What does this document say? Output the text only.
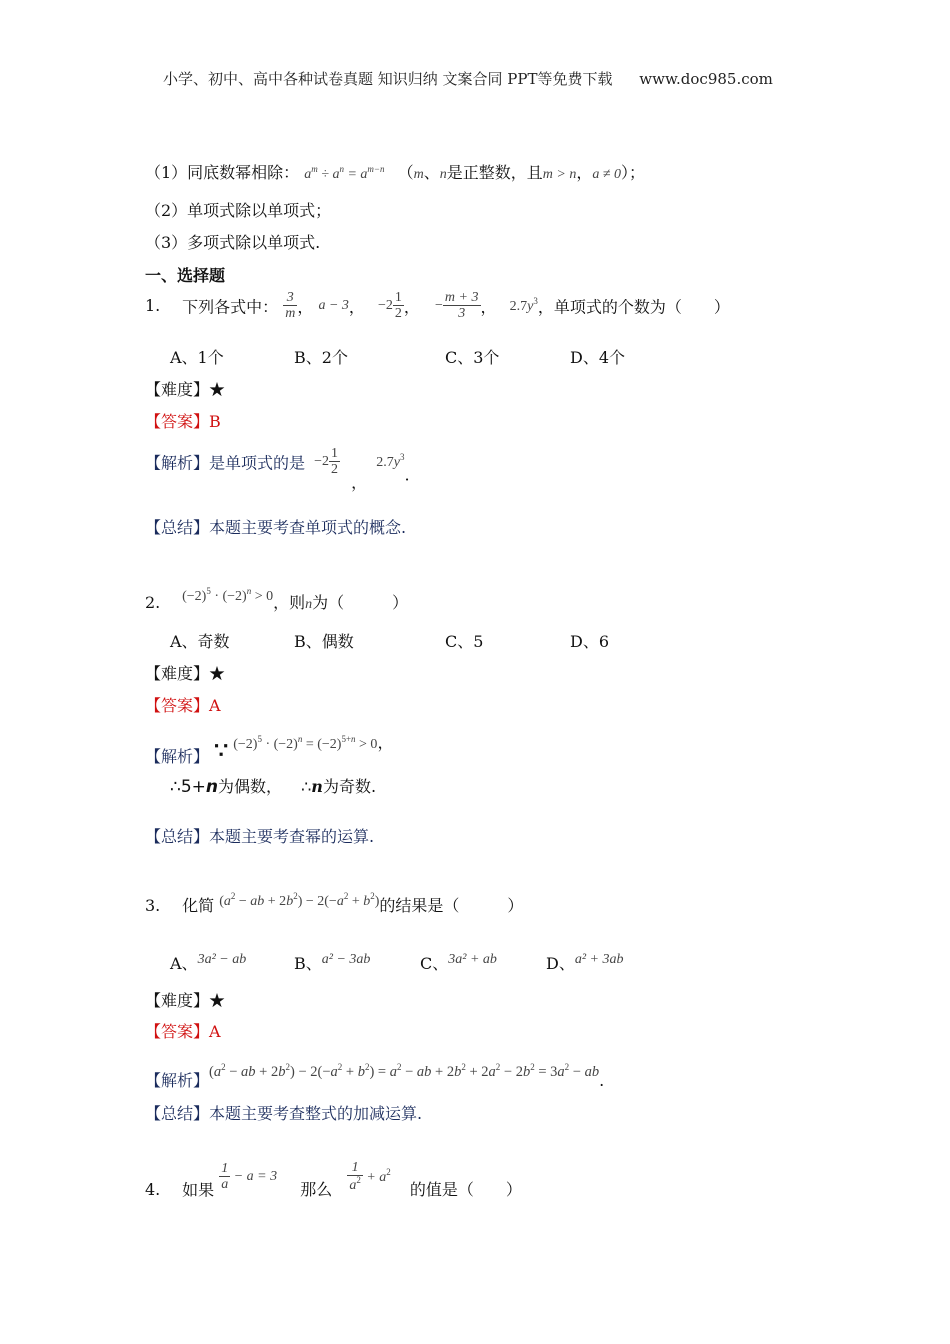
小学、初中、高中各种试卷真题 知识归纳 文案合同 PPT等免费下载 www.doc985.com
（1）同底数幂相除： $a^m \div a^n = a^{m-n}$ （m、n是正整数，且m > n，a ≠ 0）；
（2）单项式除以单项式；
（3）多项式除以单项式.
一、选择题
1. 下列各式中： $\frac{3}{m}$ ， a − 3， $-2 \frac{1}{2}$ ， − $\frac{m + 3}{3}$ ， $2.7y^3$，单项式的个数为（　　）
A、1个	B、2个	C、3个	D、4个
【难度】★
【答案】B
【解析】是单项式的是 $-2 \frac{1}{2}$
， $2.7y^3$.
【总结】本题主要考查单项式的概念.
2. $(-2)^5 \cdot (-2)^n > 0$，则n为（　　　）
A、奇数	B、偶数	C、5	D、6
【难度】★
【答案】A
【解析】 ∵ $(-2)^5 \cdot (-2)^n = (-2)^{5+n} > 0$，
∴5+n为偶数， ∴n为奇数.
【总结】本题主要考查幂的运算.
3. 化简 ($a^2$ − ab + $2b^2) - 2(-a^2 + b^2)$的结果是（　　　）
A、3a² − ab	B、a² − 3ab	C、3a² + ab	D、a² + 3ab
【难度】★
【答案】A
【解析】($a^2$ − ab + $2b^2) - 2(-a^2 + b^2) = a^2$ − ab + $2b^2 + 2a^2 - 2b^2 = 3a^2$ − ab.
【总结】本题主要考查整式的加减运算.
4. 如果 $\frac{1}{a} - a = 3$ 那么 $\frac{1}{a^2} + a^2$ 的值是（　　）
